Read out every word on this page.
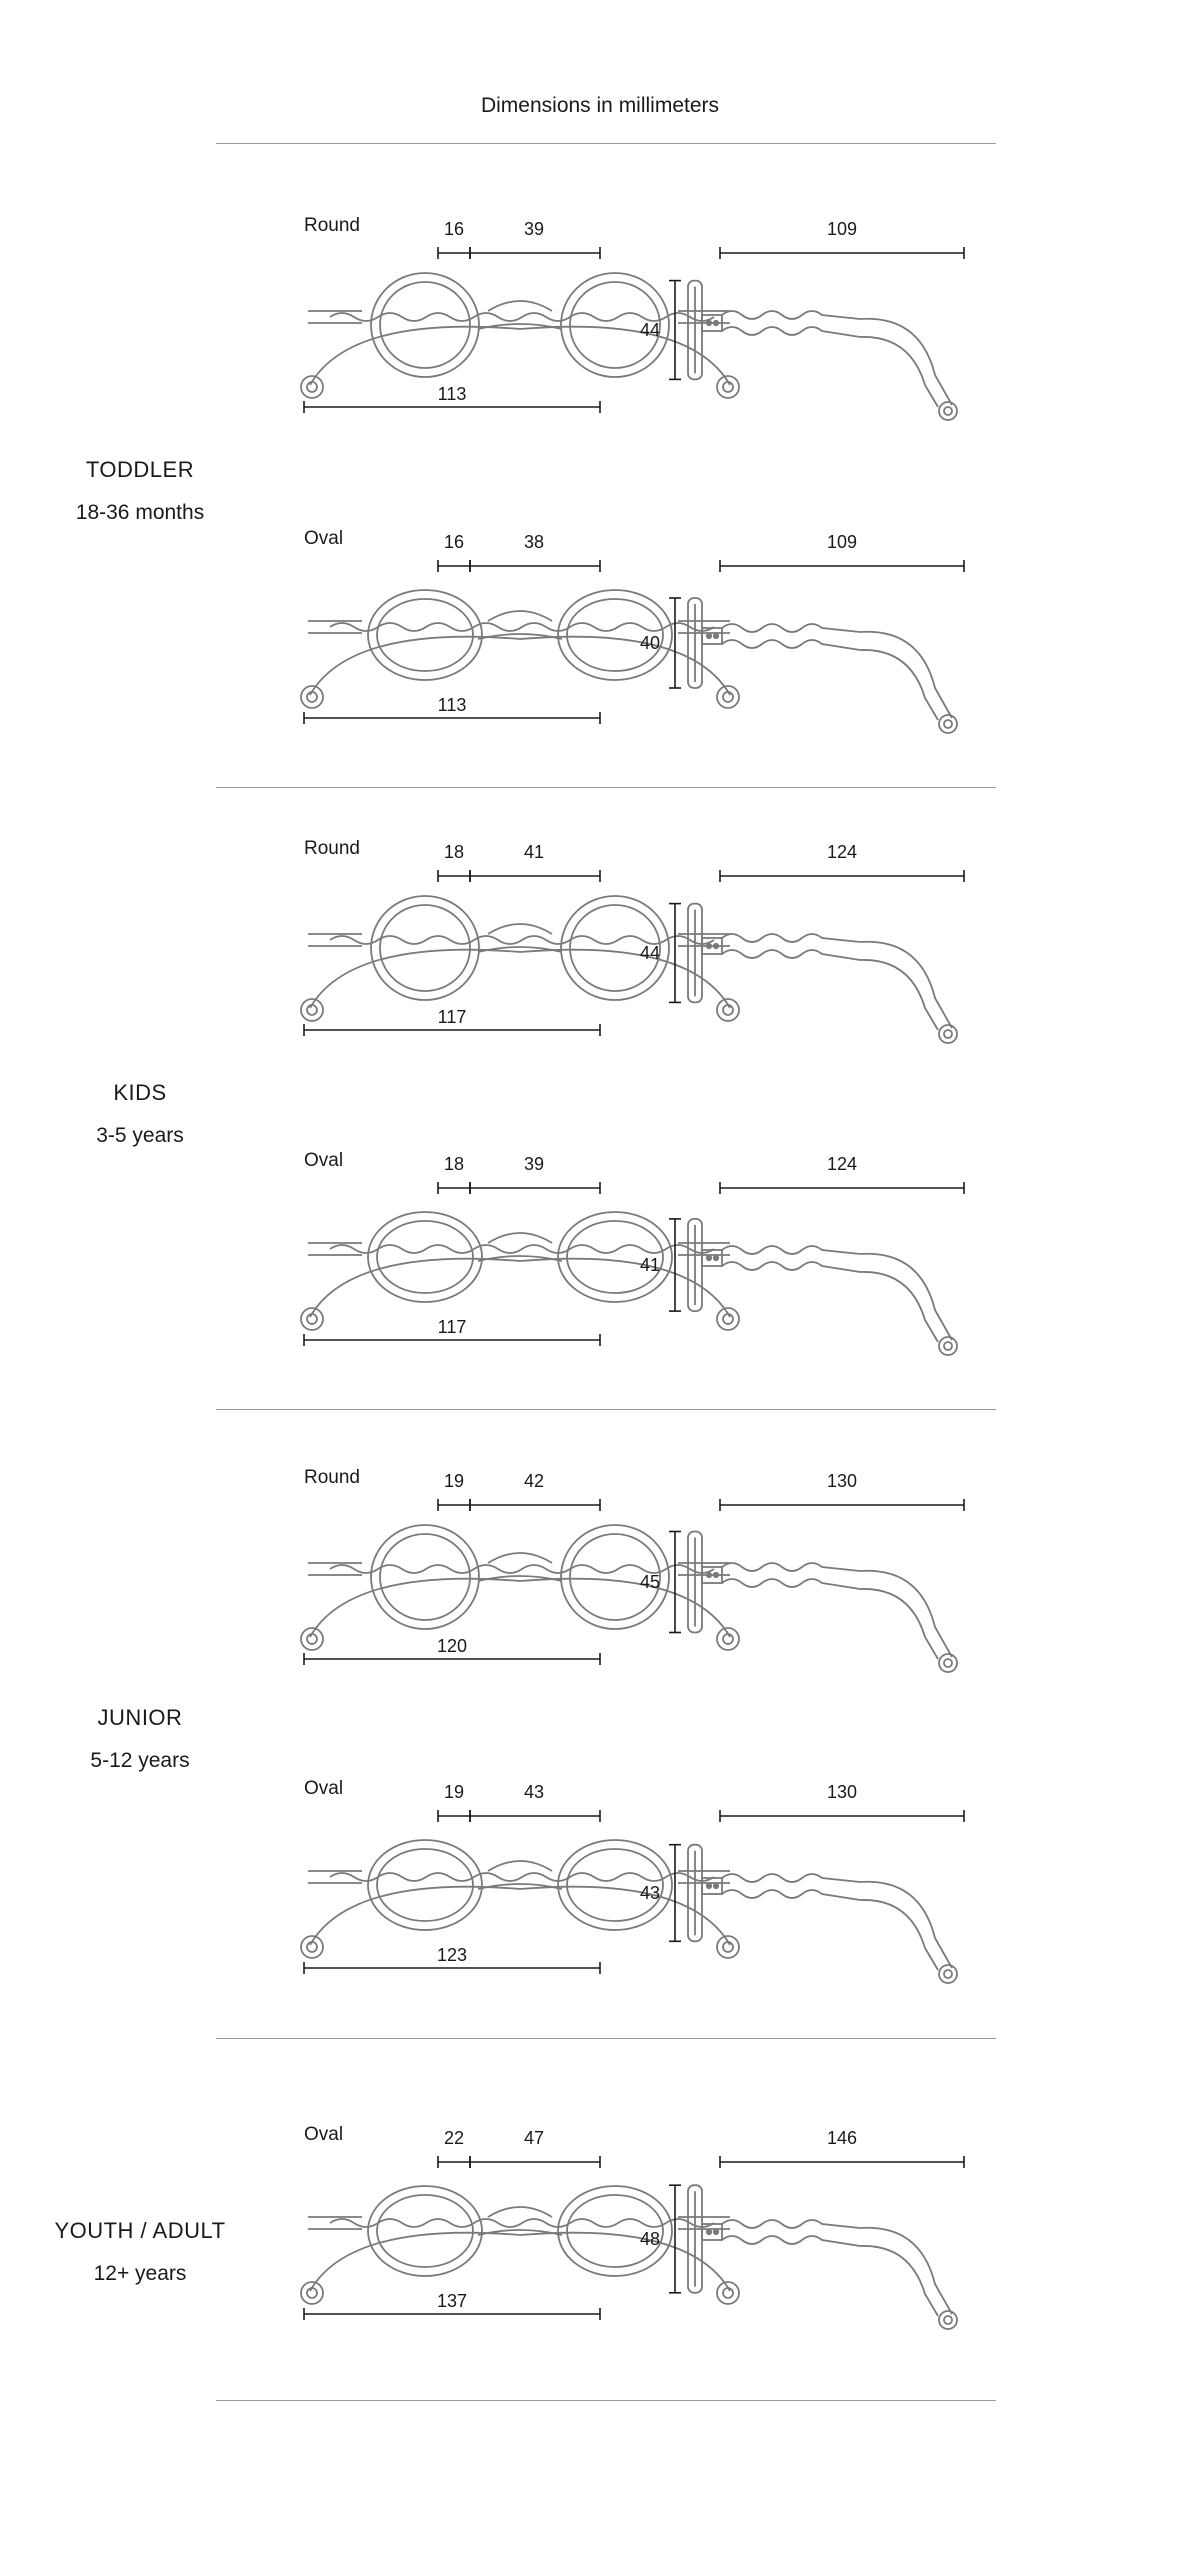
Dimensions in millimeters
TODDLER
18-36 months
Round	16	39
113
109
44
Oval	16	38
113
109
40
KIDS
3-5 years
Round	18	41
117
124
44
Oval	18	39
117
124
41
JUNIOR
5-12 years
Round	19	42
120
130
45
Oval	19	43
123
130
43
YOUTH / ADULT
12+ years
Oval	22	47
137
146
48
